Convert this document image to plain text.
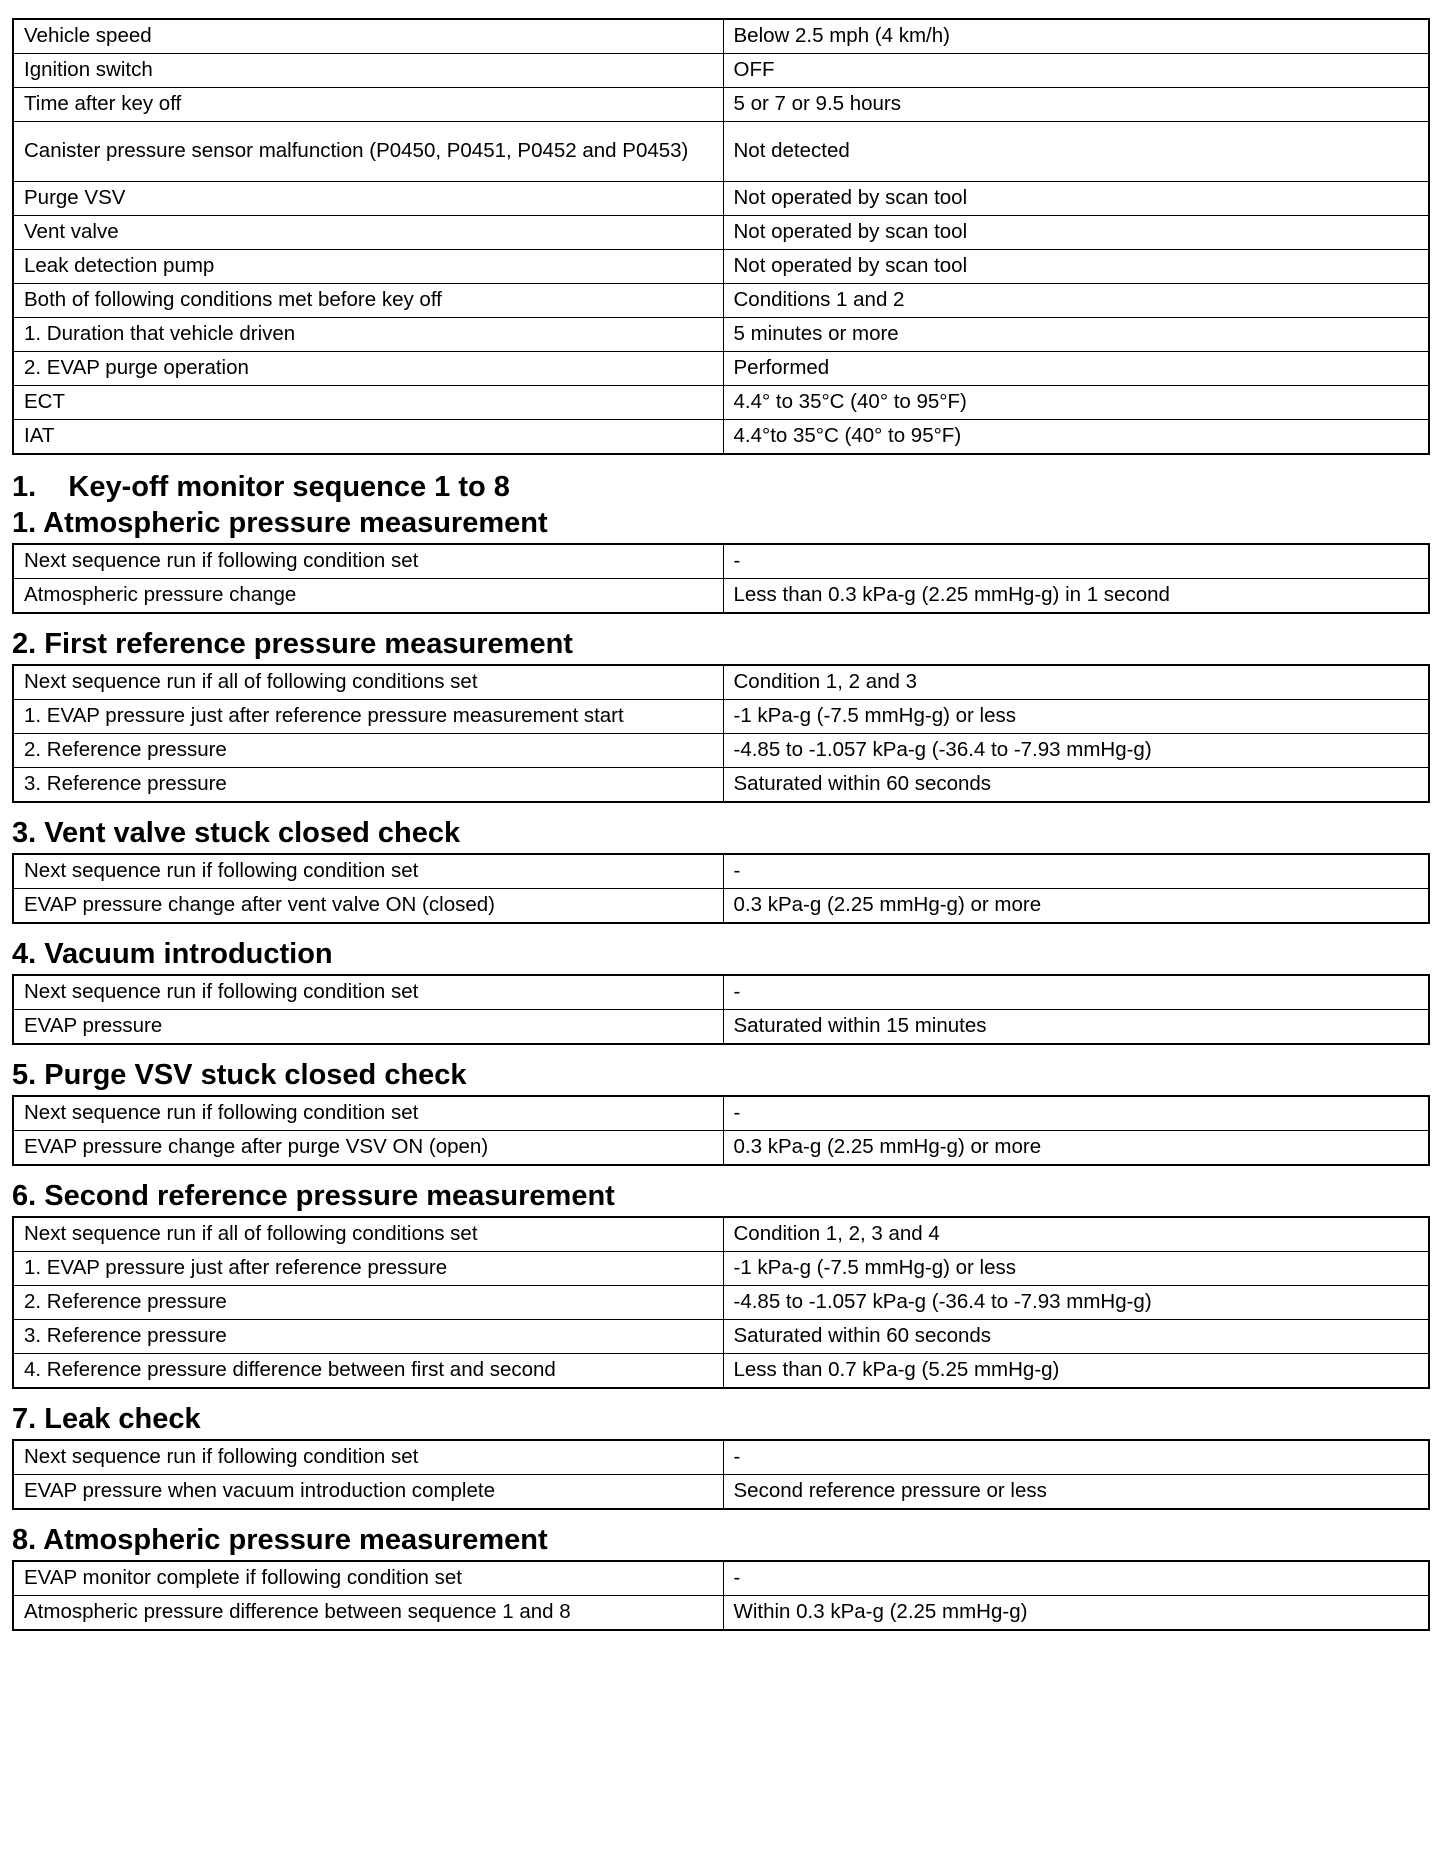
Vehicle speed	Below 2.5 mph (4 km/h)
Ignition switch	OFF
Time after key off	5 or 7 or 9.5 hours
Canister pressure sensor malfunction (P0450, P0451, P0452 and P0453)	Not detected
Purge VSV	Not operated by scan tool
Vent valve	Not operated by scan tool
Leak detection pump	Not operated by scan tool
Both of following conditions met before key off	Conditions 1 and 2
1. Duration that vehicle driven	5 minutes or more
2. EVAP purge operation	Performed
ECT	4.4° to 35°C (40° to 95°F)
IAT	4.4°to 35°C (40° to 95°F)
1.    Key-off monitor sequence 1 to 8
1. Atmospheric pressure measurement
Next sequence run if following condition set	-
Atmospheric pressure change	Less than 0.3 kPa-g (2.25 mmHg-g) in 1 second
2. First reference pressure measurement
Next sequence run if all of following conditions set	Condition 1, 2 and 3
1. EVAP pressure just after reference pressure measurement start	-1 kPa-g (-7.5 mmHg-g) or less
2. Reference pressure	-4.85 to -1.057 kPa-g (-36.4 to -7.93 mmHg-g)
3. Reference pressure	Saturated within 60 seconds
3. Vent valve stuck closed check
Next sequence run if following condition set	-
EVAP pressure change after vent valve ON (closed)	0.3 kPa-g (2.25 mmHg-g) or more
4. Vacuum introduction
Next sequence run if following condition set	-
EVAP pressure	Saturated within 15 minutes
5. Purge VSV stuck closed check
Next sequence run if following condition set	-
EVAP pressure change after purge VSV ON (open)	0.3 kPa-g (2.25 mmHg-g) or more
6. Second reference pressure measurement
Next sequence run if all of following conditions set	Condition 1, 2, 3 and 4
1. EVAP pressure just after reference pressure	-1 kPa-g (-7.5 mmHg-g) or less
2. Reference pressure	-4.85 to -1.057 kPa-g (-36.4 to -7.93 mmHg-g)
3. Reference pressure	Saturated within 60 seconds
4. Reference pressure difference between first and second	Less than 0.7 kPa-g (5.25 mmHg-g)
7. Leak check
Next sequence run if following condition set	-
EVAP pressure when vacuum introduction complete	Second reference pressure or less
8. Atmospheric pressure measurement
EVAP monitor complete if following condition set	-
Atmospheric pressure difference between sequence 1 and 8	Within 0.3 kPa-g (2.25 mmHg-g)
